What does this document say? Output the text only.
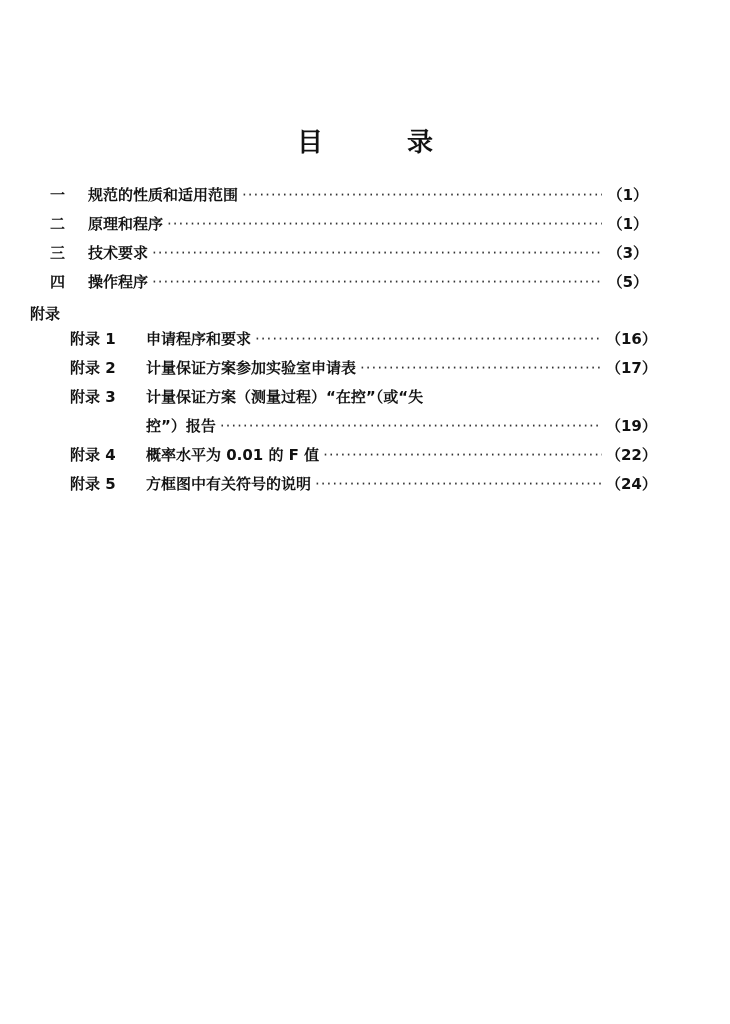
目	录
一	规范的性质和适用范围 ·····	（1）
二	原理和程序 ·····	（1）
三	技术要求 ·····	（3）
四	操作程序 ·····	（5）
附录
附录 1	申请程序和要求 ·····	（16）
附录 2	计量保证方案参加实验室申请表 ·····	（17）
附录 3	计量保证方案（测量过程）“在控”（或“失
控”）报告 ·····	（19）
附录 4	概率水平为 0.01 的 F 值 ·····	（22）
附录 5	方框图中有关符号的说明 ·····	（24）
